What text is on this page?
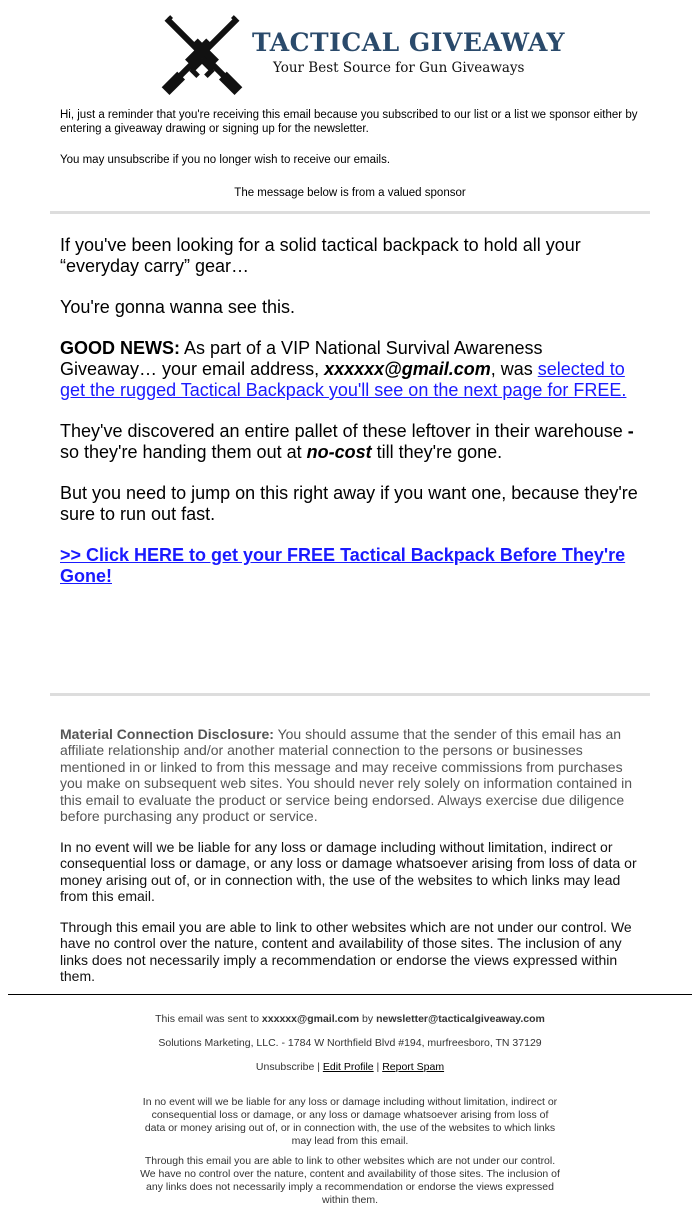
TACTICAL GIVEAWAY
Your Best Source for Gun Giveaways
Hi, just a reminder that you're receiving this email because you subscribed to our list or a list we sponsor either by entering a giveaway drawing or signing up for the newsletter.
You may unsubscribe if you no longer wish to receive our emails.
The message below is from a valued sponsor

If you've been looking for a solid tactical backpack to hold all your “everyday carry” gear…

You're gonna wanna see this.

GOOD NEWS: As part of a VIP National Survival Awareness Giveaway… your email address, xxxxxx@gmail.com, was selected to get the rugged Tactical Backpack you'll see on the next page for FREE.

They've discovered an entire pallet of these leftover in their warehouse - so they're handing them out at no-cost till they're gone.

But you need to jump on this right away if you want one, because they're sure to run out fast.

>> Click HERE to get your FREE Tactical Backpack Before They're Gone!

Material Connection Disclosure: You should assume that the sender of this email has an affiliate relationship and/or another material connection to the persons or businesses mentioned in or linked to from this message and may receive commissions from purchases you make on subsequent web sites. You should never rely solely on information contained in this email to evaluate the product or service being endorsed. Always exercise due diligence before purchasing any product or service.
In no event will we be liable for any loss or damage including without limitation, indirect or consequential loss or damage, or any loss or damage whatsoever arising from loss of data or money arising out of, or in connection with, the use of the websites to which links may lead from this email.
Through this email you are able to link to other websites which are not under our control. We have no control over the nature, content and availability of those sites. The inclusion of any links does not necessarily imply a recommendation or endorse the views expressed within them.
This email was sent to xxxxxx@gmail.com by newsletter@tacticalgiveaway.com
Solutions Marketing, LLC. - 1784 W Northfield Blvd #194, murfreesboro, TN 37129
Unsubscribe | Edit Profile | Report Spam
In no event will we be liable for any loss or damage including without limitation, indirect or consequential loss or damage, or any loss or damage whatsoever arising from loss of data or money arising out of, or in connection with, the use of the websites to which links may lead from this email.
Through this email you are able to link to other websites which are not under our control. We have no control over the nature, content and availability of those sites. The inclusion of any links does not necessarily imply a recommendation or endorse the views expressed within them.
